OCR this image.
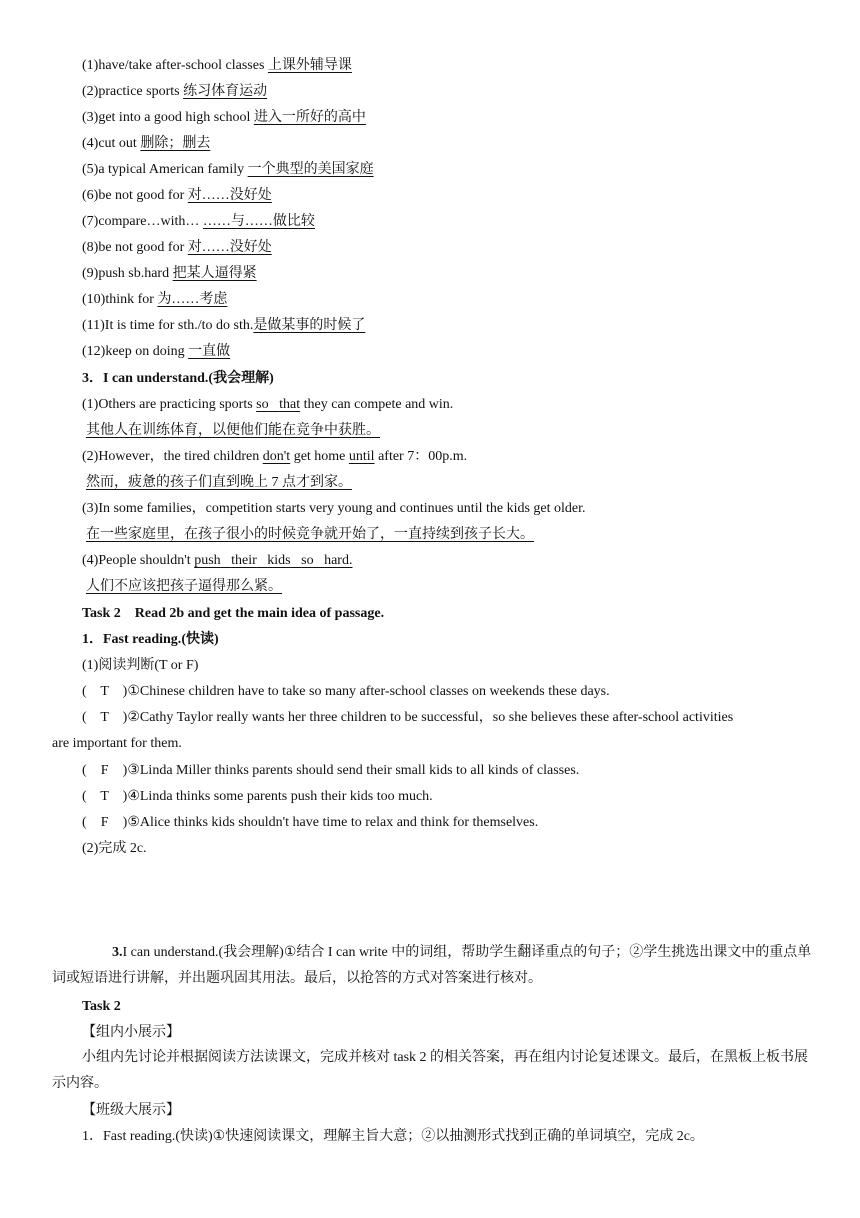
(1)have/take after-school classes 上课外辅导课
(2)practice sports 练习体育运动
(3)get into a good high school 进入一所好的高中
(4)cut out 删除；删去
(5)a typical American family 一个典型的美国家庭
(6)be not good for 对……没好处
(7)compare…with… ……与……做比较
(8)be not good for 对……没好处
(9)push sb.hard 把某人逼得紧
(10)think for 为……考虑
(11)It is time for sth./to do sth.是做某事的时候了
(12)keep on doing 一直做
3．I can understand.(我会理解)
(1)Others are practicing sports so that they can compete and win.
其他人在训练体育，以便他们能在竞争中获胜。
(2)However，the tired children don't get home until after 7：00p.m.
然而，疲惫的孩子们直到晚上 7 点才到家。
(3)In some families，competition starts very young and continues until the kids get older.
在一些家庭里，在孩子很小的时候竞争就开始了，一直持续到孩子长大。
(4)People shouldn't push their kids so hard.
人们不应该把孩子逼得那么紧。
Task 2　Read 2b and get the main idea of passage.
1．Fast reading.(快读)
(1)阅读判断(T or F)
( T )①Chinese children have to take so many after-school classes on weekends these days.
( T )②Cathy Taylor really wants her three children to be successful，so she believes these after-school activities
are important for them.
( F )③Linda Miller thinks parents should send their small kids to all kinds of classes.
( T )④Linda thinks some parents push their kids too much.
( F )⑤Alice thinks kids shouldn't have time to relax and think for themselves.
(2)完成 2c.
3.I can understand.(我会理解)①结合 I can write 中的词组，帮助学生翻译重点的句子；②学生挑选出课文中的重点单词或短语进行讲解，并出题巩固其用法。最后，以抢答的方式对答案进行核对。
Task 2
【组内小展示】
小组内先讨论并根据阅读方法读课文，完成并核对 task 2 的相关答案，再在组内讨论复述课文。最后，在黑板上板书展示内容。
【班级大展示】
1．Fast reading.(快读)①快速阅读课文，理解主旨大意；②以抽测形式找到正确的单词填空，完成 2c。
